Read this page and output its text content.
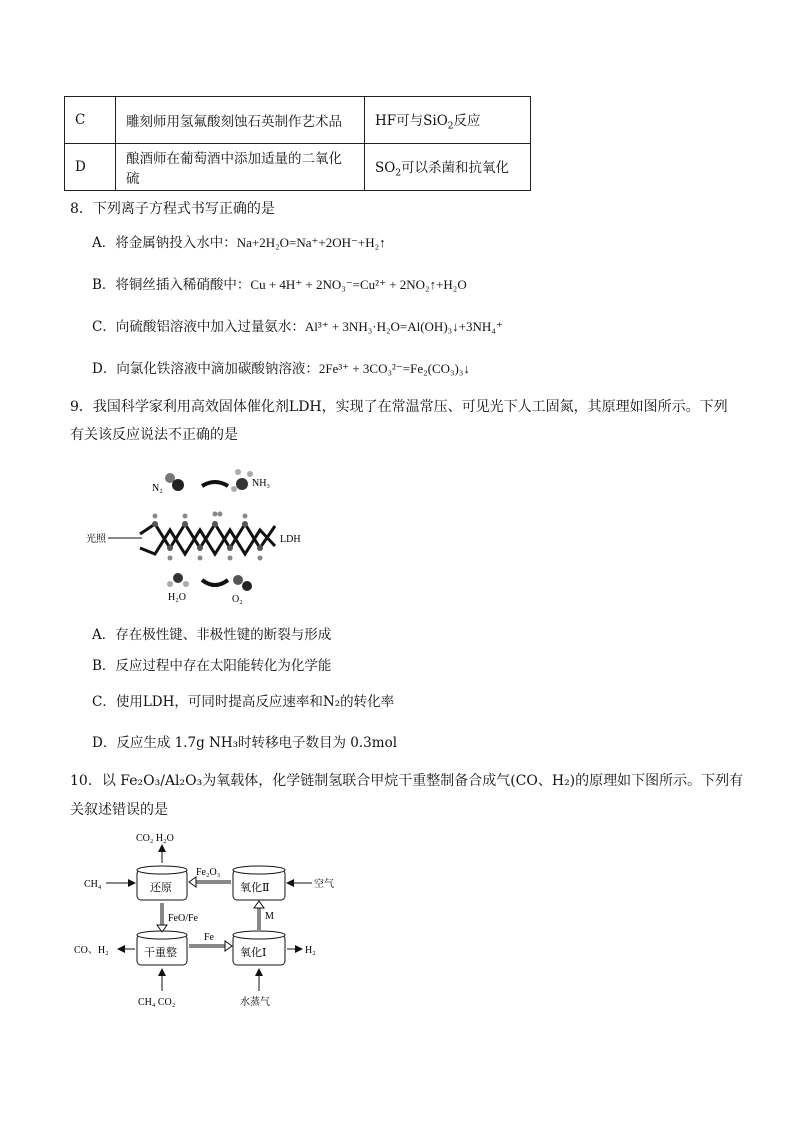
C	雕刻师用氢氟酸刻蚀石英制作艺术品	HF可与SiO$_2$反应
D	酿酒师在葡萄酒中添加适量的二氧化硫	$SO_2$可以杀菌和抗氧化
8．下列离子方程式书写正确的是
A．将金属钠投入水中：Na+2H₂O=Na⁺+2OH⁻+H₂↑
B．将铜丝插入稀硝酸中：Cu + 4H⁺ + 2NO₃⁻=Cu²⁺ + 2NO₂↑+H₂O
C．向硫酸铝溶液中加入过量氨水：Al³⁺ + 3NH₃·H₂O=Al(OH)₃↓+3NH₄⁺
D．向氯化铁溶液中滴加碳酸钠溶液：2Fe³⁺ + 3CO₃²⁻=Fe₂(CO₃)₃↓
9．我国科学家利用高效固体催化剂LDH，实现了在常温常压、可见光下人工固氮，其原理如图所示。下列
有关该反应说法不正确的是
N₂	NH₃
光照	LDH
H₂O	O₂
A．存在极性键、非极性键的断裂与形成
B．反应过程中存在太阳能转化为化学能
C．使用LDH，可同时提高反应速率和N₂的转化率
D．反应生成 1.7g NH₃时转移电子数目为 0.3mol
10．以 Fe₂O₃/Al₂O₃为氧载体，化学链制氢联合甲烷干重整制备合成气(CO、H₂)的原理如下图所示。下列有
关叙述错误的是
还原	氧化Ⅱ
干重整	氧化Ⅰ
CO₂ H₂O
CH₄	空气
Fe₂O₃
FeO/Fe	M
Fe
CO、H₂	H₂
CH₄ CO₂	水蒸气
